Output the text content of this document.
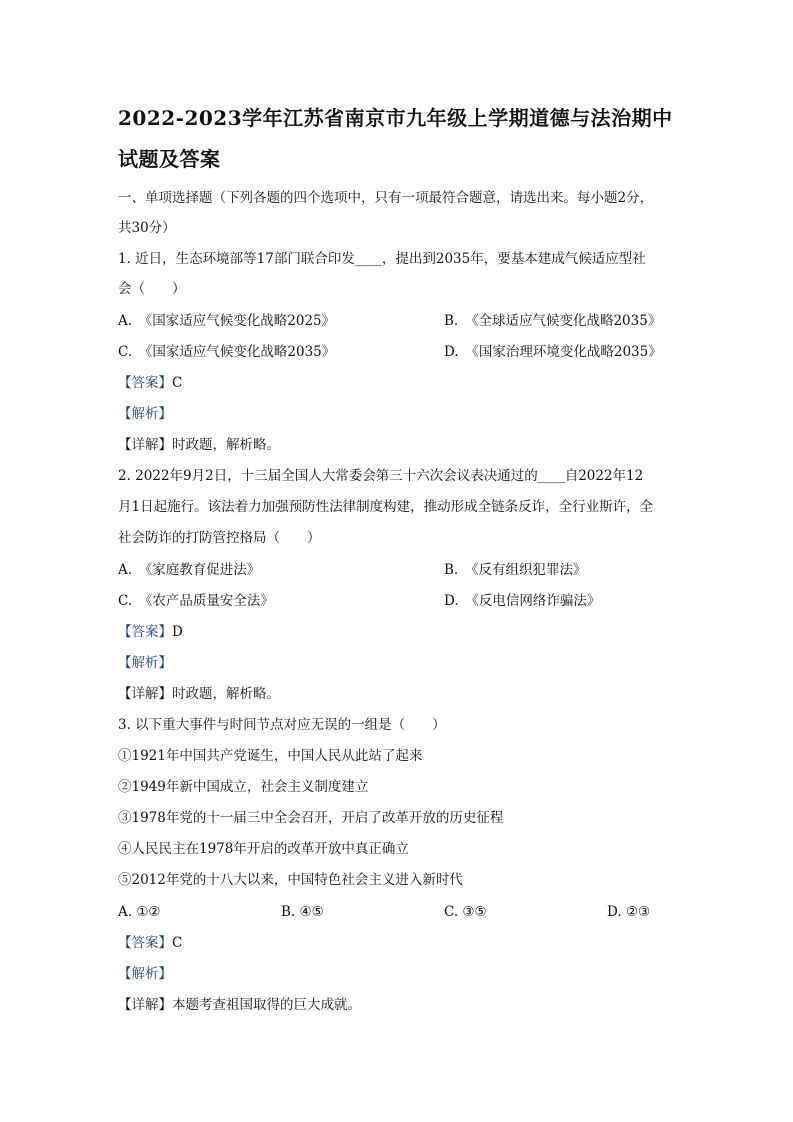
2022-2023学年江苏省南京市九年级上学期道德与法治期中
试题及答案
一、单项选择题（下列各题的四个选项中，只有一项最符合题意，请选出来。每小题2分，
共30分）
1. 近日，生态环境部等17部门联合印发____，提出到2035年，要基本建成气候适应型社
会（　　）
A.　《国家适应气候变化战略2025》	B.　《全球适应气候变化战略2035》
C.　《国家适应气候变化战略2035》	D.　《国家治理环境变化战略2035》
【答案】C
【解析】
【详解】时政题，解析略。
2. 2022年9月2日，十三届全国人大常委会第三十六次会议表决通过的____自2022年12
月1日起施行。该法着力加强预防性法律制度构建，推动形成全链条反诈，全行业斯许，全
社会防诈的打防管控格局（　　）
A.　《家庭教育促进法》	B.　《反有组织犯罪法》
C.　《农产品质量安全法》	D.　《反电信网络诈骗法》
【答案】D
【解析】
【详解】时政题，解析略。
3. 以下重大事件与时间节点对应无误的一组是（　　）
①1921年中国共产党诞生，中国人民从此站了起来
②1949年新中国成立，社会主义制度建立
③1978年党的十一届三中全会召开，开启了改革开放的历史征程
④人民民主在1978年开启的改革开放中真正确立
⑤2012年党的十八大以来，中国特色社会主义进入新时代
A. ①②	B. ④⑤	C. ③⑤	D. ②③
【答案】C
【解析】
【详解】本题考查祖国取得的巨大成就。
